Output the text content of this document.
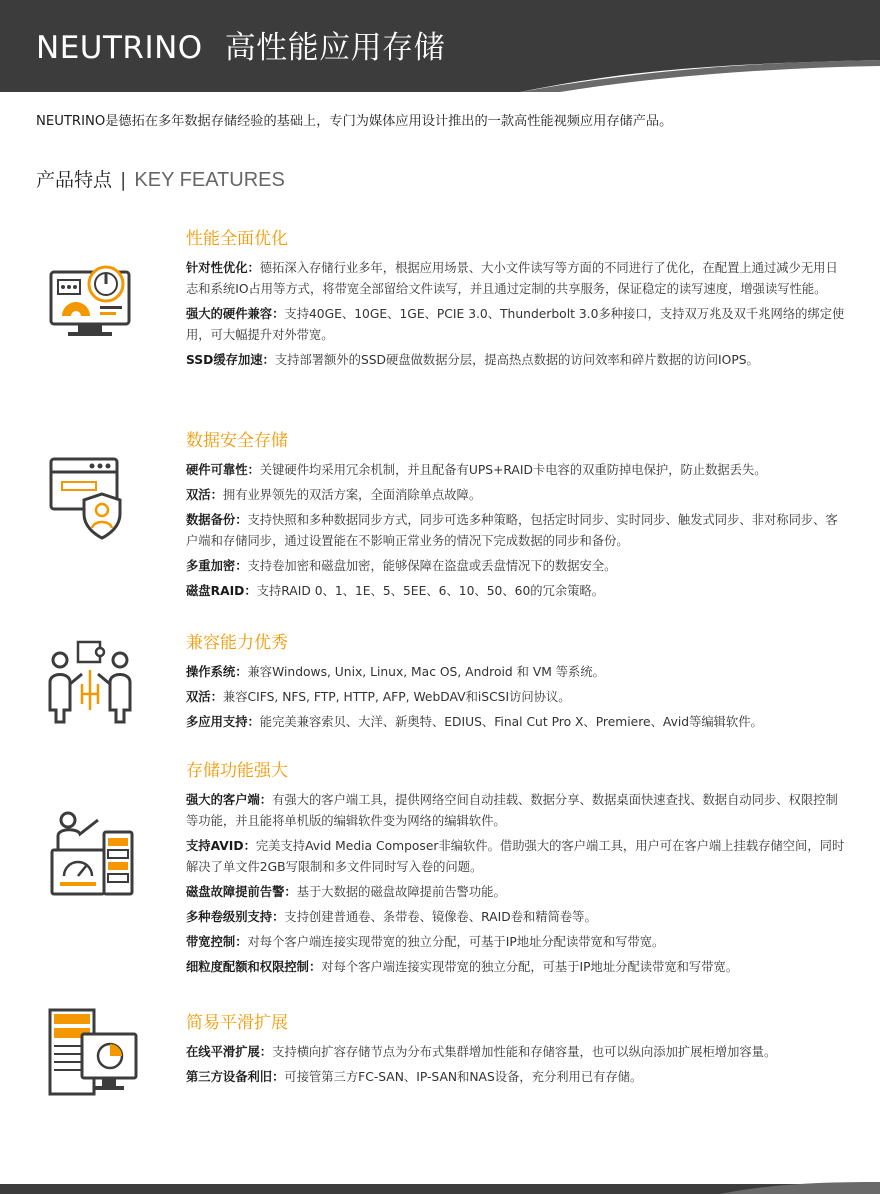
NEUTRINO 高性能应用存储

NEUTRINO是德拓在多年数据存储经验的基础上，专门为媒体应用设计推出的一款高性能视频应用存储产品。

产品特点 | KEY FEATURES
性能全面优化

针对性优化：德拓深入存储行业多年，根据应用场景、大小文件读写等方面的不同进行了优化，在配置上通过减少无用日志和系统IO占用等方式，将带宽全部留给文件读写，并且通过定制的共享服务，保证稳定的读写速度，增强读写性能。

强大的硬件兼容：支持40GE、10GE、1GE、PCIE 3.0、Thunderbolt 3.0多种接口，支持双万兆及双千兆网络的绑定使用，可大幅提升对外带宽。

SSD缓存加速：支持部署额外的SSD硬盘做数据分层，提高热点数据的访问效率和碎片数据的访问IOPS。

数据安全存储

硬件可靠性：关键硬件均采用冗余机制，并且配备有UPS+RAID卡电容的双重防掉电保护，防止数据丢失。

双活：拥有业界领先的双活方案，全面消除单点故障。

数据备份：支持快照和多种数据同步方式，同步可选多种策略，包括定时同步、实时同步、触发式同步、非对称同步、客户端和存储同步，通过设置能在不影响正常业务的情况下完成数据的同步和备份。

多重加密：支持卷加密和磁盘加密，能够保障在盗盘或丢盘情况下的数据安全。

磁盘RAID：支持RAID 0、1、1E、5、5EE、6、10、50、60的冗余策略。

兼容能力优秀

操作系统：兼容Windows, Unix, Linux, Mac OS, Android 和 VM 等系统。

双活：兼容CIFS, NFS, FTP, HTTP, AFP, WebDAV和iSCSI访问协议。

多应用支持：能完美兼容索贝、大洋、新奥特、EDIUS、Final Cut Pro X、Premiere、Avid等编辑软件。

存储功能强大

强大的客户端：有强大的客户端工具，提供网络空间自动挂载、数据分享、数据桌面快速查找、数据自动同步、权限控制等功能，并且能将单机版的编辑软件变为网络的编辑软件。

支持AVID：完美支持Avid Media Composer非编软件。借助强大的客户端工具，用户可在客户端上挂载存储空间，同时解决了单文件2GB写限制和多文件同时写入卷的问题。

磁盘故障提前告警：基于大数据的磁盘故障提前告警功能。

多种卷级别支持：支持创建普通卷、条带卷、镜像卷、RAID卷和精简卷等。

带宽控制：对每个客户端连接实现带宽的独立分配，可基于IP地址分配读带宽和写带宽。

细粒度配额和权限控制：对每个客户端连接实现带宽的独立分配，可基于IP地址分配读带宽和写带宽。

简易平滑扩展

在线平滑扩展：支持横向扩容存储节点为分布式集群增加性能和存储容量，也可以纵向添加扩展柜增加容量。

第三方设备利旧：可接管第三方FC-SAN、IP-SAN和NAS设备，充分利用已有存储。
